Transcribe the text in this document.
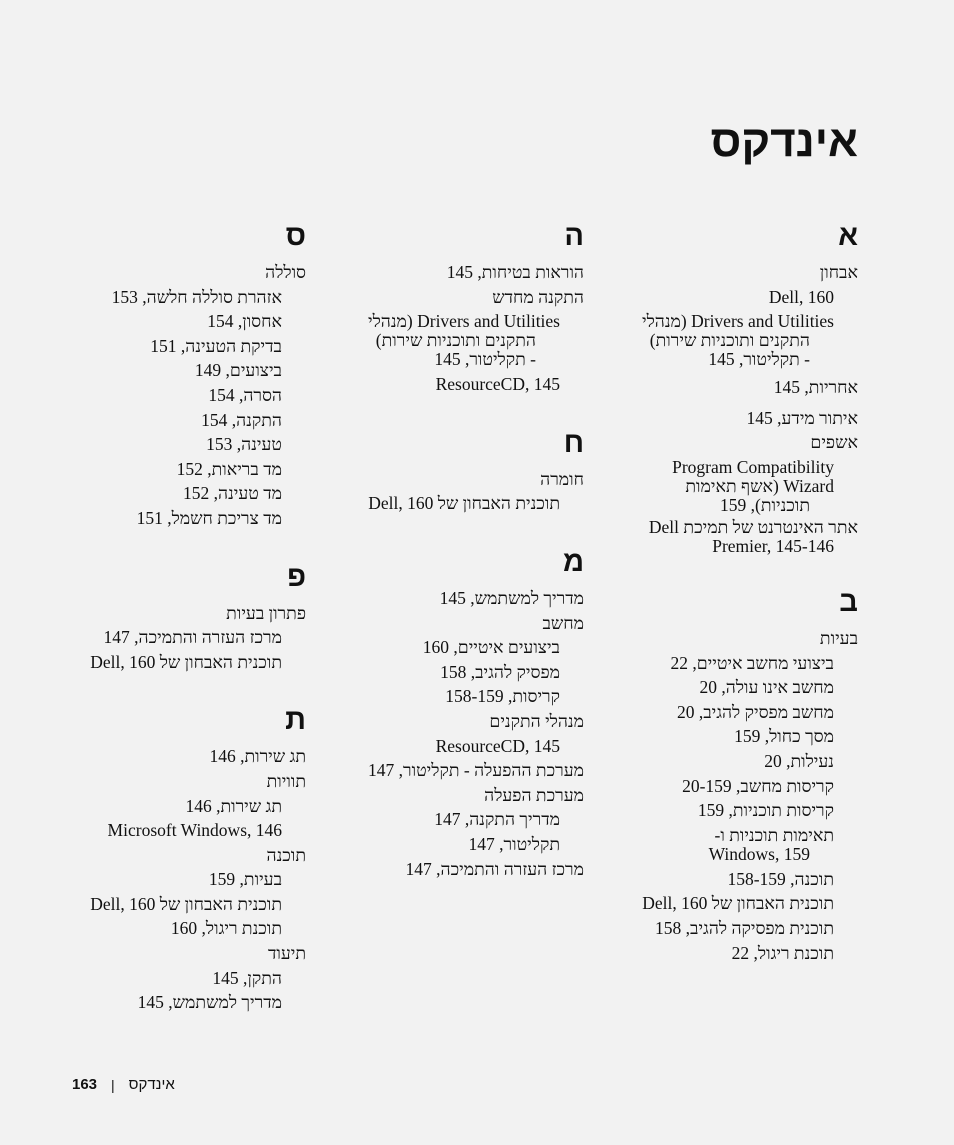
אינדקס
א
אבחון
Dell, 160
Drivers and Utilities (מנהלי
התקנים ותוכניות שירות)
- תקליטור, 145
אחריות, 145
איתור מידע, 145
אשפים
Program Compatibility
Wizard (אשף תאימות
תוכניות), 159
אתר האינטרנט של תמיכת Dell
Premier, 145-146
ב
בעיות
ביצועי מחשב איטיים, 22
מחשב אינו עולה, 20
מחשב מפסיק להגיב, 20
מסך כחול, 159
נעילות, 20
קריסות מחשב, 20-159
קריסות תוכניות, 159
תאימות תוכניות ו-
Windows, 159
תוכנה, 158-159
תוכנית האבחון של Dell, 160
תוכנית מפסיקה להגיב, 158
תוכנת ריגול, 22
ה
הוראות בטיחות, 145
התקנה מחדש
Drivers and Utilities (מנהלי
התקנים ותוכניות שירות)
- תקליטור, 145
ResourceCD, 145
ח
חומרה
תוכנית האבחון של Dell, 160
מ
מדריך למשתמש, 145
מחשב
ביצועים איטיים, 160
מפסיק להגיב, 158
קריסות, 158-159
מנהלי התקנים
ResourceCD, 145
מערכת ההפעלה - תקליטור, 147
מערכת הפעלה
מדריך התקנה, 147
תקליטור, 147
מרכז העזרה והתמיכה, 147
ס
סוללה
אזהרת סוללה חלשה, 153
אחסון, 154
בדיקת הטעינה, 151
ביצועים, 149
הסרה, 154
התקנה, 154
טעינה, 153
מד בריאות, 152
מד טעינה, 152
מד צריכת חשמל, 151
פ
פתרון בעיות
מרכז העזרה והתמיכה, 147
תוכנית האבחון של Dell, 160
ת
תג שירות, 146
תוויות
תג שירות, 146
Microsoft Windows, 146
תוכנה
בעיות, 159
תוכנית האבחון של Dell, 160
תוכנת ריגול, 160
תיעוד
התקן, 145
מדריך למשתמש, 145
163 | אינדקס
